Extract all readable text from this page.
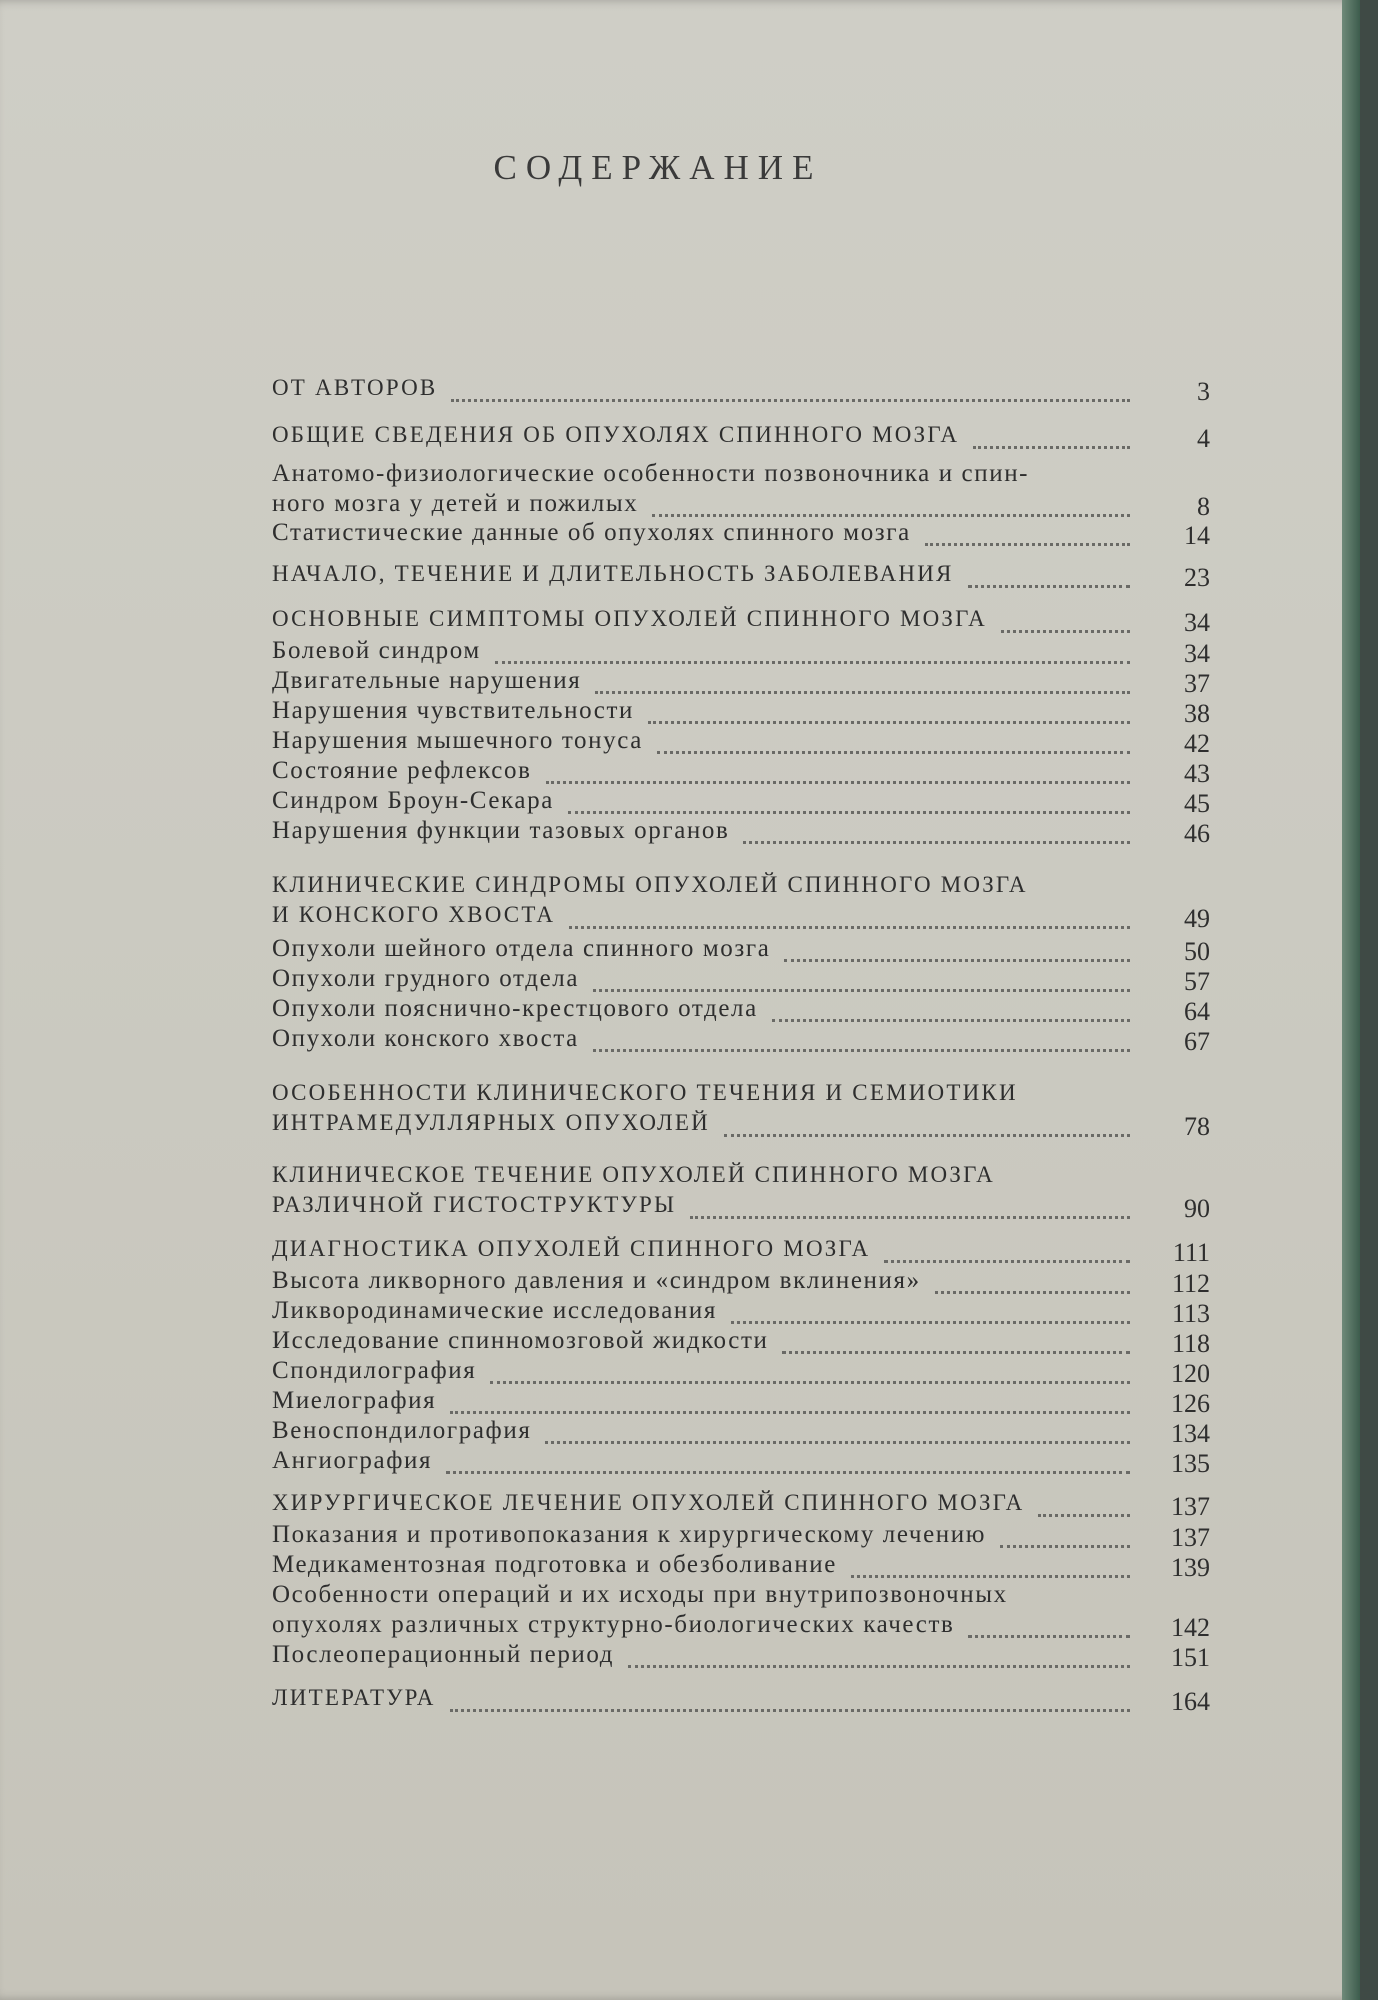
СОДЕРЖАНИЕ
ОТ АВТОРОВ	3
ОБЩИЕ СВЕДЕНИЯ ОБ ОПУХОЛЯХ СПИННОГО МОЗГА	4
Анатомо-физиологические особенности позвоночника и спин-
ного мозга у детей и пожилых	8
Статистические данные об опухолях спинного мозга	14
НАЧАЛО, ТЕЧЕНИЕ И ДЛИТЕЛЬНОСТЬ ЗАБОЛЕВАНИЯ	23
ОСНОВНЫЕ СИМПТОМЫ ОПУХОЛЕЙ СПИННОГО МОЗГА	34
Болевой синдром	34
Двигательные нарушения	37
Нарушения чувствительности	38
Нарушения мышечного тонуса	42
Состояние рефлексов	43
Синдром Броун-Секара	45
Нарушения функции тазовых органов	46
КЛИНИЧЕСКИЕ СИНДРОМЫ ОПУХОЛЕЙ СПИННОГО МОЗГА
И КОНСКОГО ХВОСТА	49
Опухоли шейного отдела спинного мозга	50
Опухоли грудного отдела	57
Опухоли пояснично-крестцового отдела	64
Опухоли конского хвоста	67
ОСОБЕННОСТИ КЛИНИЧЕСКОГО ТЕЧЕНИЯ И СЕМИОТИКИ
ИНТРАМЕДУЛЛЯРНЫХ ОПУХОЛЕЙ	78
КЛИНИЧЕСКОЕ ТЕЧЕНИЕ ОПУХОЛЕЙ СПИННОГО МОЗГА
РАЗЛИЧНОЙ ГИСТОСТРУКТУРЫ	90
ДИАГНОСТИКА ОПУХОЛЕЙ СПИННОГО МОЗГА	111
Высота ликворного давления и «синдром вклинения»	112
Ликвородинамические исследования	113
Исследование спинномозговой жидкости	118
Спондилография	120
Миелография	126
Веноспондилография	134
Ангиография	135
ХИРУРГИЧЕСКОЕ ЛЕЧЕНИЕ ОПУХОЛЕЙ СПИННОГО МОЗГА	137
Показания и противопоказания к хирургическому лечению	137
Медикаментозная подготовка и обезболивание	139
Особенности операций и их исходы при внутрипозвоночных
опухолях различных структурно-биологических качеств	142
Послеоперационный период	151
ЛИТЕРАТУРА	164
